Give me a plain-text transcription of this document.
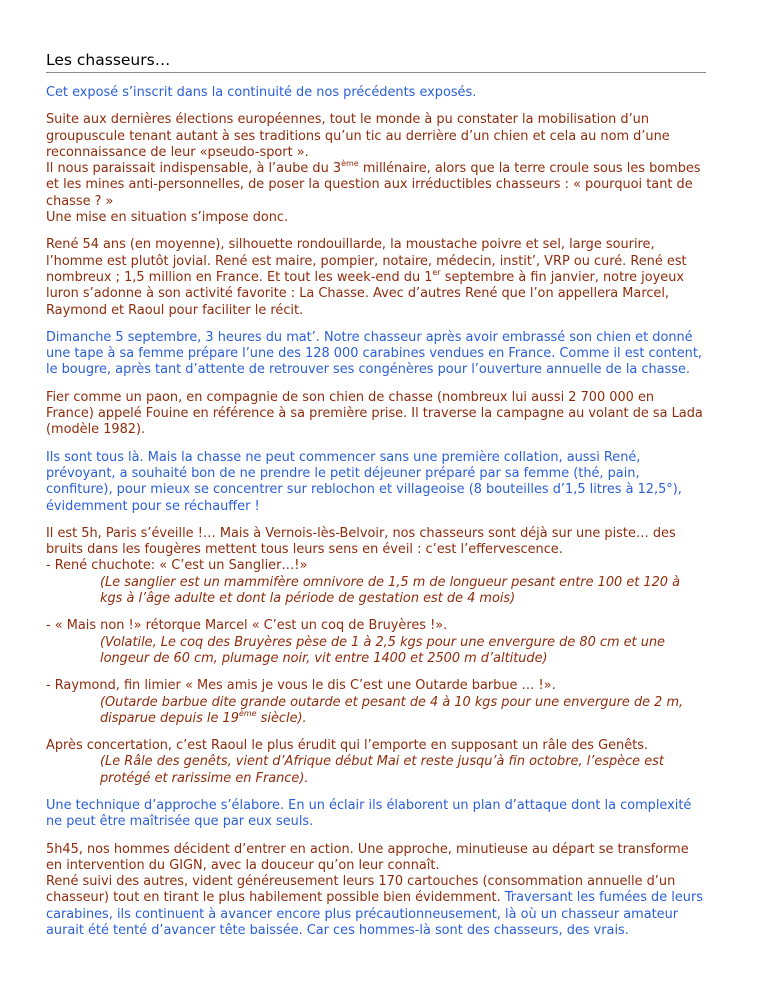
Les chasseurs…

Cet exposé s’inscrit dans la continuité de nos précédents exposés.

Suite aux dernières élections européennes, tout le monde à pu constater la mobilisation d’un groupuscule tenant autant à ses traditions qu’un tic au derrière d’un chien et cela au nom d’une reconnaissance de leur «pseudo-sport ».
Il nous paraissait indispensable, à l’aube du 3ème millénaire, alors que la terre croule sous les bombes et les mines anti-personnelles, de poser la question aux irréductibles chasseurs : « pourquoi tant de chasse ? »
Une mise en situation s’impose donc.

René 54 ans (en moyenne), silhouette rondouillarde, la moustache poivre et sel, large sourire, l’homme est plutôt jovial. René est maire, pompier, notaire, médecin, instit’, VRP ou curé. René est nombreux ; 1,5 million en France. Et tout les week-end du 1er septembre à fin janvier, notre joyeux luron s’adonne à son activité favorite : La Chasse. Avec d’autres René que l’on appellera Marcel, Raymond et Raoul pour faciliter le récit.

Dimanche 5 septembre, 3 heures du mat’. Notre chasseur après avoir embrassé son chien et donné une tape à sa femme prépare l’une des 128 000 carabines vendues en France. Comme il est content, le bougre, après tant d’attente de retrouver ses congénères pour l’ouverture annuelle de la chasse.

Fier comme un paon, en compagnie de son chien de chasse (nombreux lui aussi 2 700 000 en France) appelé Fouine en référence à sa première prise. Il traverse la campagne au volant de sa Lada (modèle 1982).

Ils sont tous là. Mais la chasse ne peut commencer sans une première collation, aussi René, prévoyant, a souhaité bon de ne prendre le petit déjeuner préparé par sa femme (thé, pain, confiture), pour mieux se concentrer sur reblochon et villageoise (8 bouteilles d’1,5 litres à 12,5°), évidemment pour se réchauffer !

Il est 5h, Paris s’éveille !… Mais à Vernois-lès-Belvoir, nos chasseurs sont déjà sur une piste… des bruits dans les fougères mettent tous leurs sens en éveil : c’est l’effervescence.
- René chuchote: « C’est un Sanglier…!»
(Le sanglier est un mammifère omnivore de 1,5 m de longueur pesant entre 100 et 120 à kgs à l’âge adulte et dont la période de gestation est de 4 mois)

- « Mais non !» rétorque Marcel « C’est un coq de Bruyères !».
(Volatile, Le coq des Bruyères pèse de 1 à 2,5 kgs pour une envergure de 80 cm et une longeur de 60 cm, plumage noir, vit entre 1400 et 2500 m d’altitude)

- Raymond, fin limier « Mes amis je vous le dis C’est une Outarde barbue … !».
(Outarde barbue dite grande outarde et pesant de 4 à 10 kgs pour une envergure de 2 m, disparue depuis le 19ème siècle).

Après concertation, c’est Raoul le plus érudit qui l’emporte en supposant un râle des Genêts.
(Le Râle des genêts, vient d’Afrique début Mai et reste jusqu’à fin octobre, l’espèce est protégé et rarissime en France).

Une technique d’approche s’élabore. En un éclair ils élaborent un plan d’attaque dont la complexité ne peut être maîtrisée que par eux seuls.

5h45, nos hommes décident d’entrer en action. Une approche, minutieuse au départ se transforme en intervention du GIGN, avec la douceur qu’on leur connaît.
René suivi des autres, vident généreusement leurs 170 cartouches (consommation annuelle d’un chasseur) tout en tirant le plus habilement possible bien évidemment. Traversant les fumées de leurs carabines, ils continuent à avancer encore plus précautionneusement, là où un chasseur amateur aurait été tenté d’avancer tête baissée. Car ces hommes-là sont des chasseurs, des vrais.
